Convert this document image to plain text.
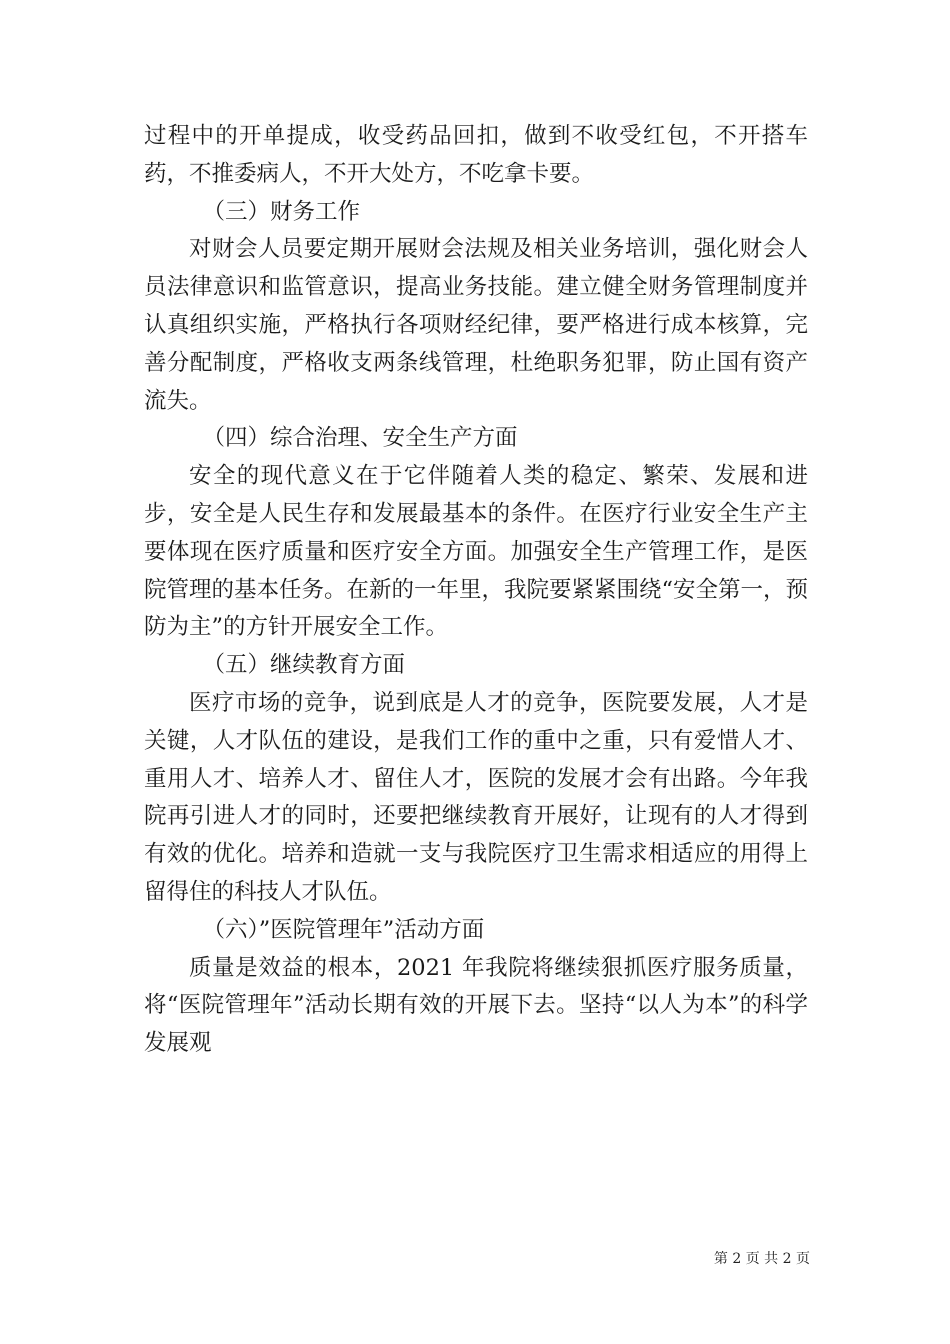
过程中的开单提成，收受药品回扣，做到不收受红包，不开搭车药，不推委病人，不开大处方，不吃拿卡要。

（三）财务工作

对财会人员要定期开展财会法规及相关业务培训，强化财会人员法律意识和监管意识，提高业务技能。建立健全财务管理制度并认真组织实施，严格执行各项财经纪律，要严格进行成本核算，完善分配制度，严格收支两条线管理，杜绝职务犯罪，防止国有资产流失。

（四）综合治理、安全生产方面

安全的现代意义在于它伴随着人类的稳定、繁荣、发展和进步，安全是人民生存和发展最基本的条件。在医疗行业安全生产主要体现在医疗质量和医疗安全方面。加强安全生产管理工作，是医院管理的基本任务。在新的一年里，我院要紧紧围绕“安全第一，预防为主”的方针开展安全工作。

（五）继续教育方面

医疗市场的竞争，说到底是人才的竞争，医院要发展，人才是关键，人才队伍的建设，是我们工作的重中之重，只有爱惜人才、重用人才、培养人才、留住人才，医院的发展才会有出路。今年我院再引进人才的同时，还要把继续教育开展好，让现有的人才得到有效的优化。培养和造就一支与我院医疗卫生需求相适应的用得上留得住的科技人才队伍。

（六）”医院管理年”活动方面

质量是效益的根本，2021 年我院将继续狠抓医疗服务质量，将“医院管理年”活动长期有效的开展下去。坚持“以人为本”的科学发展观

第 2 页 共 2 页
